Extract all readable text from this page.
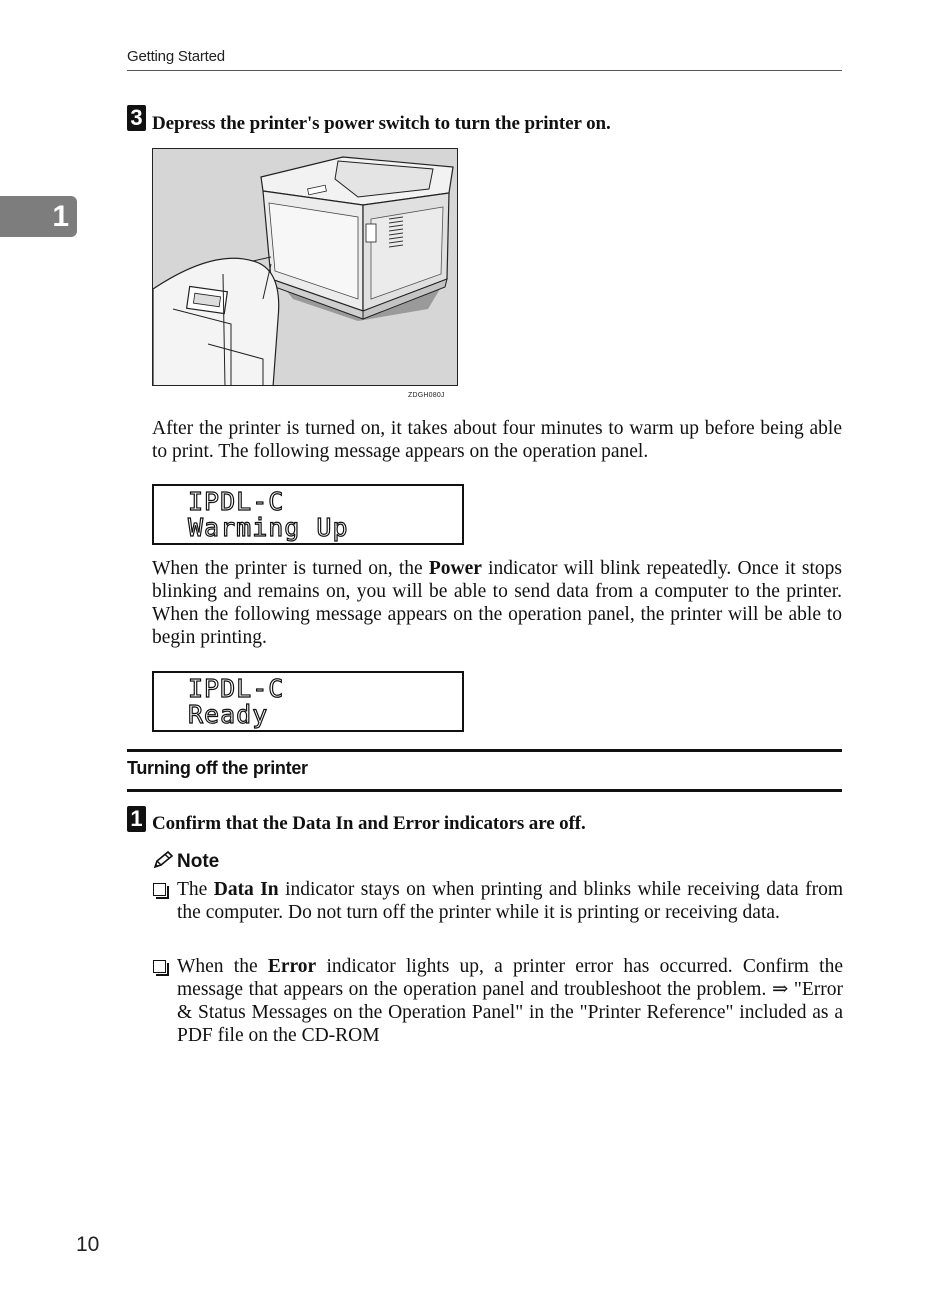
Getting Started
1
3 Depress the printer's power switch to turn the printer on.
ZDGH080J
After the printer is turned on, it takes about four minutes to warm up before being able to print. The following message appears on the operation panel.
IPDL-C
Warming Up
When the printer is turned on, the Power indicator will blink repeatedly. Once it stops blinking and remains on, you will be able to send data from a computer to the printer. When the following message appears on the operation panel, the printer will be able to begin printing.
IPDL-C
Ready
Turning off the printer
1 Confirm that the Data In and Error indicators are off.
Note
The Data In indicator stays on when printing and blinks while receiving data from the computer. Do not turn off the printer while it is printing or receiving data.
When the Error indicator lights up, a printer error has occurred. Confirm the message that appears on the operation panel and troubleshoot the problem. ⇒ "Error & Status Messages on the Operation Panel" in the "Printer Reference" included as a PDF file on the CD-ROM
10
